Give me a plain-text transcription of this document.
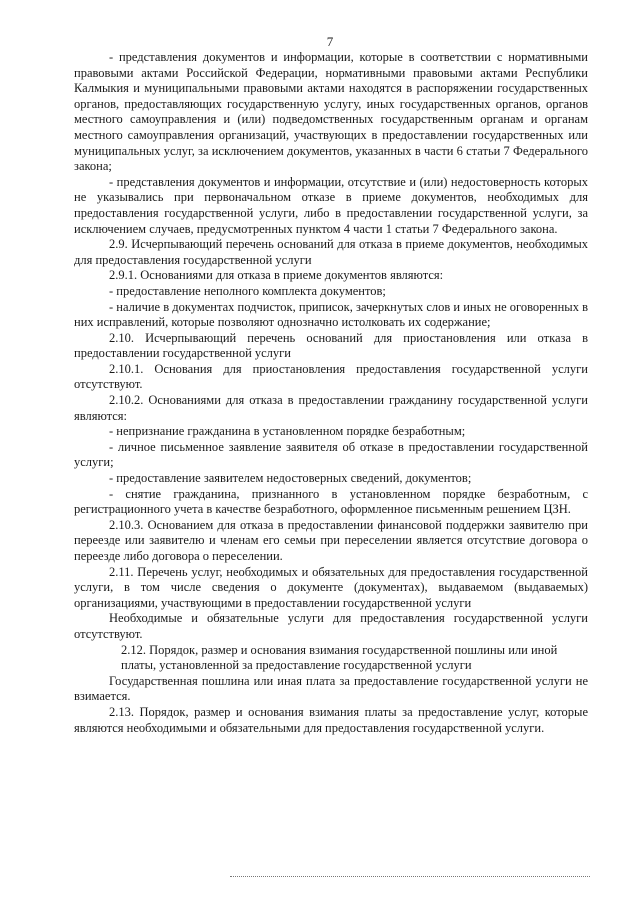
7

- представления документов и информации, которые в соответствии с нормативными правовыми актами Российской Федерации, нормативными правовыми актами Республики Калмыкия и муниципальными правовыми актами находятся в распоряжении государственных органов, предоставляющих государственную услугу, иных государственных органов, органов местного самоуправления и (или) подведомственных государственным органам и органам местного самоуправления организаций, участвующих в предоставлении государственных или муниципальных услуг, за исключением документов, указанных в части 6 статьи 7 Федерального закона;

- представления документов и информации, отсутствие и (или) недостоверность которых не указывались при первоначальном отказе в приеме документов, необходимых для предоставления государственной услуги, либо в предоставлении государственной услуги, за исключением случаев, предусмотренных пунктом 4 части 1 статьи 7 Федерального закона.

2.9. Исчерпывающий перечень оснований для отказа в приеме документов, необходимых для предоставления государственной услуги

2.9.1. Основаниями для отказа в приеме документов являются:

- предоставление неполного комплекта документов;

- наличие в документах подчисток, приписок, зачеркнутых слов и иных не оговоренных в них исправлений, которые позволяют однозначно истолковать их содержание;

2.10. Исчерпывающий перечень оснований для приостановления или отказа в предоставлении государственной услуги

2.10.1. Основания для приостановления предоставления государственной услуги отсутствуют.

2.10.2. Основаниями для отказа в предоставлении гражданину государственной услуги являются:

- непризнание гражданина в установленном порядке безработным;

- личное письменное заявление заявителя об отказе в предоставлении государственной услуги;

- предоставление заявителем недостоверных сведений, документов;

- снятие гражданина, признанного в установленном порядке безработным, с регистрационного учета в качестве безработного, оформленное письменным решением ЦЗН.

2.10.3. Основанием для отказа в предоставлении финансовой поддержки заявителю при переезде или заявителю и членам его семьи при переселении является отсутствие договора о переезде либо договора о переселении.

2.11. Перечень услуг, необходимых и обязательных для предоставления государственной услуги, в том числе сведения о документе (документах), выдаваемом (выдаваемых) организациями, участвующими в предоставлении государственной услуги

Необходимые и обязательные услуги для предоставления государственной услуги отсутствуют.

2.12. Порядок, размер и основания взимания государственной пошлины или иной платы, установленной за предоставление государственной услуги

Государственная пошлина или иная плата за предоставление государственной услуги не взимается.

2.13. Порядок, размер и основания взимания платы за предоставление услуг, которые являются необходимыми и обязательными для предоставления государственной услуги.
